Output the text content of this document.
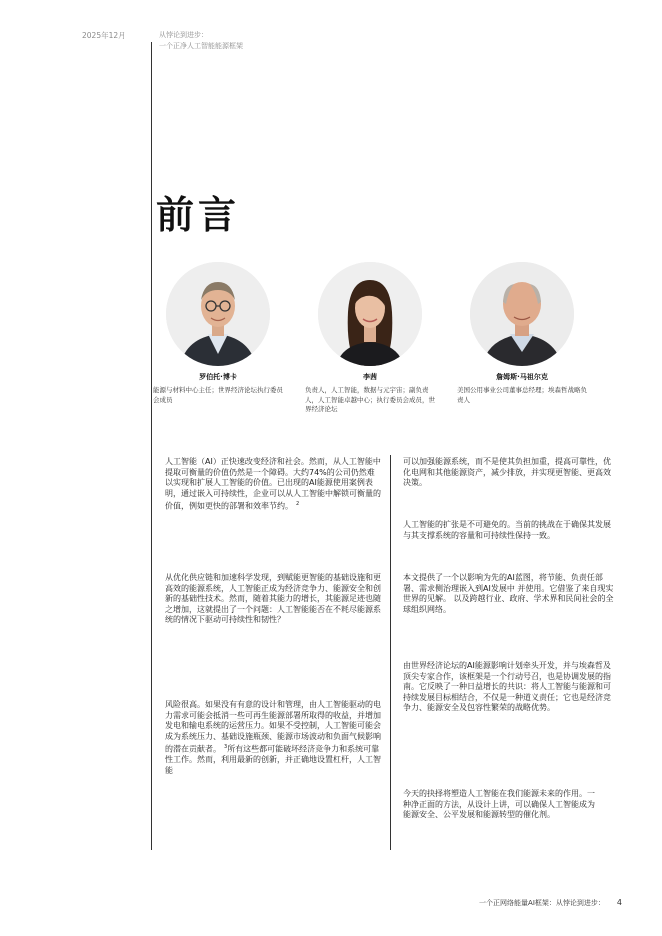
2025年12月	从悖论到进步：
一个正净人工智能能源框架
前言
罗伯托·博卡
能源与材料中心主任；世界经济论坛执行委员会成员
李茜
负责人，人工智能，数据与元宇宙；副负责人，人工智能卓越中心；执行委员会成员，世界经济论坛
詹姆斯·马祖尔克
美国公用事业公司董事总经理；埃森哲战略负责人
人工智能（AI）正快速改变经济和社会。然而，从人工智能中提取可衡量的价值仍然是一个障碍。大约74%的公司仍然难以实现和扩展人工智能的价值。已出现的AI能源使用案例表明，通过嵌入可持续性，企业可以从人工智能中解锁可衡量的价值，例如更快的部署和效率节约。 $^2$
从优化供应链和加速科学发现，到赋能更智能的基础设施和更高效的能源系统，人工智能正成为经济竞争力、能源安全和创新的基础性技术。然而，随着其能力的增长，其能源足迹也随之增加，这就提出了一个问题：人工智能能否在不耗尽能源系统的情况下驱动可持续性和韧性？
风险很高。如果没有有意的设计和管理，由人工智能驱动的电力需求可能会抵消一些可再生能源部署所取得的收益，并增加发电和输电系统的运营压力。如果不受控制，人工智能可能会成为系统压力、基础设施瓶颈、能源市场波动和负面气候影响的潜在贡献者。 $^3$所有这些都可能破坏经济竞争力和系统可靠性工作。然而，利用最新的创新，并正确地设置杠杆，人工智能
可以加强能源系统，而不是使其负担加重，提高可靠性，优化电网和其他能源资产，减少排放，并实现更智能、更高效决策。
人工智能的扩张是不可避免的。当前的挑战在于确保其发展与其支撑系统的容量和可持续性保持一致。
本文提供了一个以影响为先的AI蓝图，将节能、负责任部署、需求侧治理嵌入到AI发展中 并使用。它借鉴了来自现实世界的见解。 以及跨越行业、政府、学术界和民间社会的全球组织网络。
由世界经济论坛的AI能源影响计划牵头开发，并与埃森哲及顶尖专家合作，该框架是一个行动号召，也是协调发展的指南。它反映了一种日益增长的共识：将人工智能与能源和可持续发展目标相结合，不仅是一种道义责任；它也是经济竞争力、能源安全及包容性繁荣的战略优势。
今天的抉择将塑造人工智能在我们能源未来的作用。一种净正面的方法，从设计上讲，可以确保人工智能成为能源安全、公平发展和能源转型的催化剂。
一个正网络能量AI框架：从悖论到进步： 4
